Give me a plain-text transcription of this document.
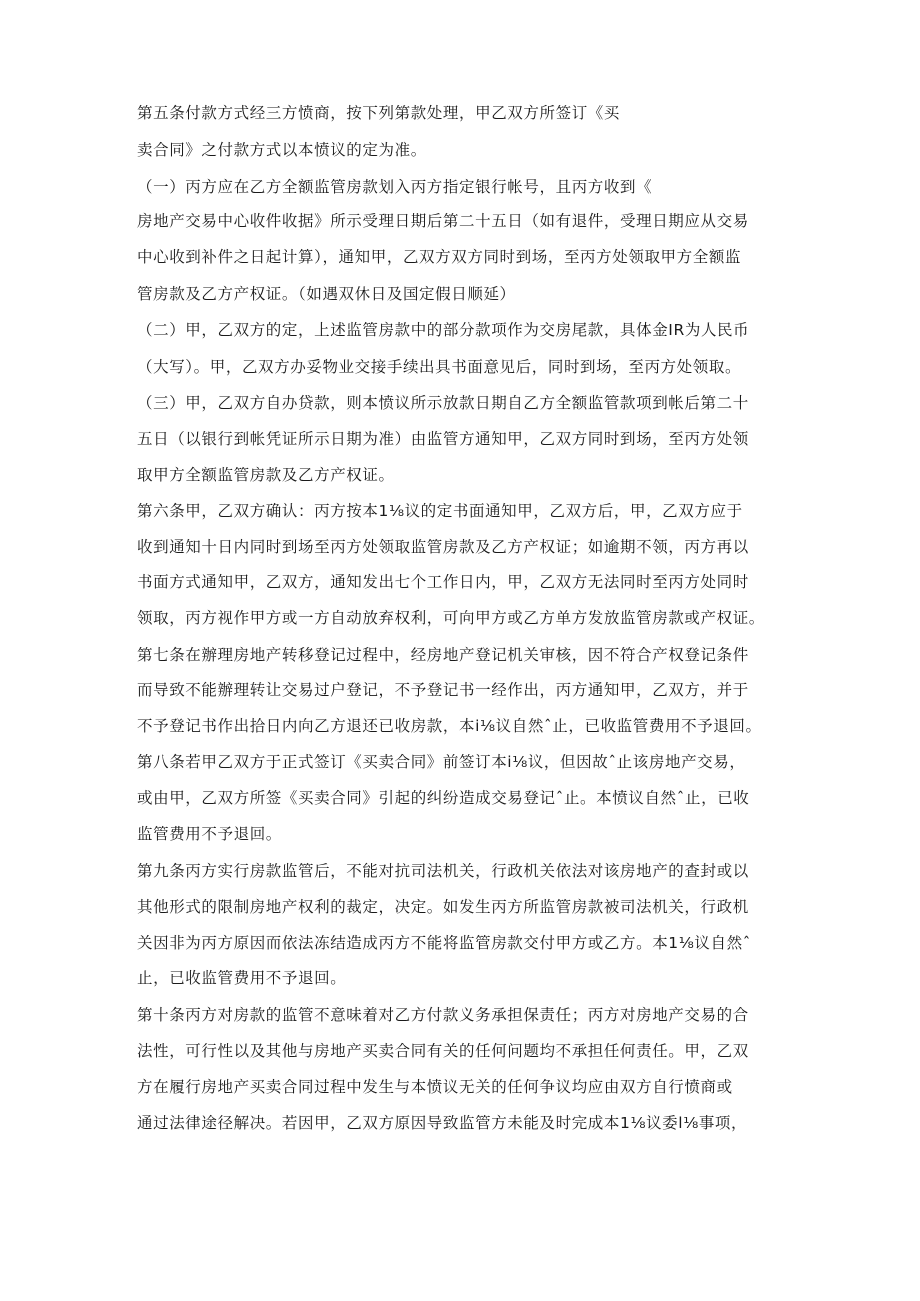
第五条付款方式经三方愤商，按下列第款处理，甲乙双方所签订《买
卖合同》之付款方式以本愤议的定为准。
（一）丙方应在乙方全额监管房款划入丙方指定银行帐号，且丙方收到《
房地产交易中心收件收据》所示受理日期后第二十五日（如有退件，受理日期应从交易
中心收到补件之日起计算），通知甲，乙双方双方同时到场，至丙方处领取甲方全额监
管房款及乙方产权证。（如遇双休日及国定假日顺延）
（二）甲，乙双方的定，上述监管房款中的部分款项作为交房尾款，具体金IR为人民币
（大写）。甲，乙双方办妥物业交接手续出具书面意见后，同时到场，至丙方处领取。
（三）甲，乙双方自办贷款，则本愤议所示放款日期自乙方全额监管款项到帐后第二十
五日（以银行到帐凭证所示日期为准）由监管方通知甲，乙双方同时到场，至丙方处领
取甲方全额监管房款及乙方产权证。
第六条甲，乙双方确认：丙方按本1⅛议的定书面通知甲，乙双方后，甲，乙双方应于
收到通知十日内同时到场至丙方处领取监管房款及乙方产权证；如逾期不领，丙方再以
书面方式通知甲，乙双方，通知发出七个工作日内，甲，乙双方无法同时至丙方处同时
领取，丙方视作甲方或一方自动放弃权利，可向甲方或乙方单方发放监管房款或产权证。
第七条在辦理房地产转移登记过程中，经房地产登记机关审核，因不符合产权登记条件
而导致不能辦理转让交易过户登记，不予登记书一经作出，丙方通知甲，乙双方，并于
不予登记书作出拾日内向乙方退还已收房款，本i⅛议自然ˆ止，已收监管费用不予退回。
第八条若甲乙双方于正式签订《买卖合同》前签订本i⅛议，但因故ˆ止该房地产交易，
或由甲，乙双方所签《买卖合同》引起的纠纷造成交易登记ˆ止。本愤议自然ˆ止，已收
监管费用不予退回。
第九条丙方实行房款监管后，不能对抗司法机关，行政机关依法对该房地产的查封或以
其他形式的限制房地产权利的裁定，决定。如发生丙方所监管房款被司法机关，行政机
关因非为丙方原因而依法冻结造成丙方不能将监管房款交付甲方或乙方。本1⅛议自然ˆ
止，已收监管费用不予退回。
第十条丙方对房款的监管不意味着对乙方付款义务承担保责任；丙方对房地产交易的合
法性，可行性以及其他与房地产买卖合同有关的任何问题均不承担任何责任。甲，乙双
方在履行房地产买卖合同过程中发生与本愤议无关的任何争议均应由双方自行愤商或
通过法律途径解决。若因甲，乙双方原因导致监管方未能及时完成本1⅛议委l⅛事项，
